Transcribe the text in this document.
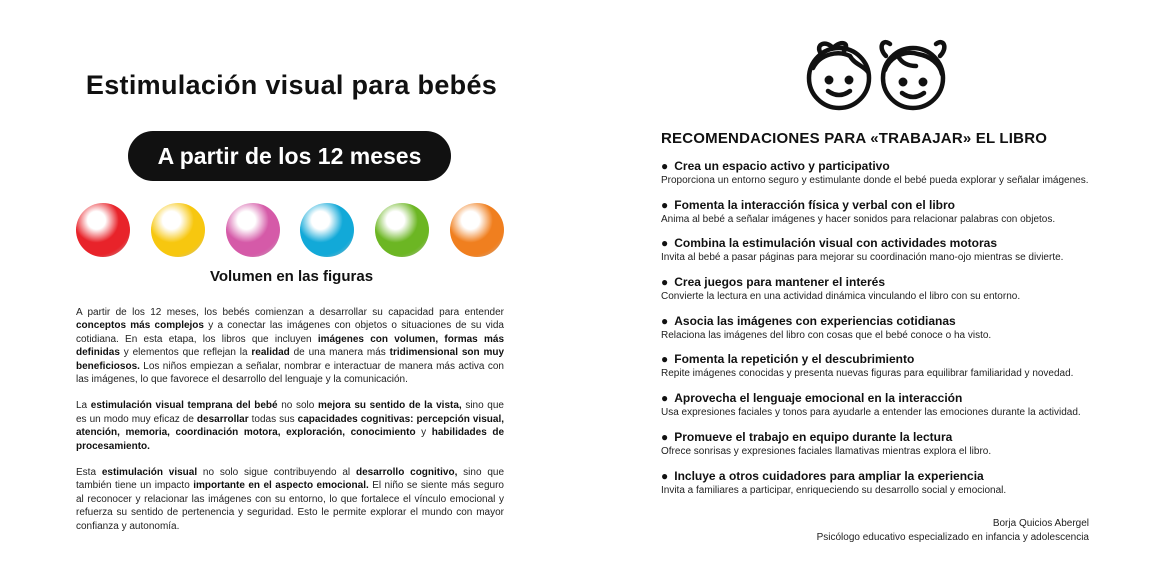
Estimulación visual para bebés
A partir de los 12 meses
Volumen en las figuras

A partir de los 12 meses, los bebés comienzan a desarrollar su capacidad para entender conceptos más complejos y a conectar las imágenes con objetos o situaciones de su vida cotidiana. En esta etapa, los libros que incluyen imágenes con volumen, formas más definidas y elementos que reflejan la realidad de una manera más tridimensional son muy beneficiosos. Los niños empiezan a señalar, nombrar e interactuar de manera más activa con las imágenes, lo que favorece el desarrollo del lenguaje y la comunicación.

La estimulación visual temprana del bebé no solo mejora su sentido de la vista, sino que es un modo muy eficaz de desarrollar todas sus capacidades cognitivas: percepción visual, atención, memoria, coordinación motora, exploración, conocimiento y habilidades de procesamiento.

Esta estimulación visual no solo sigue contribuyendo al desarrollo cognitivo, sino que también tiene un impacto importante en el aspecto emocional. El niño se siente más seguro al reconocer y relacionar las imágenes con su entorno, lo que fortalece el vínculo emocional y refuerza su sentido de pertenencia y seguridad. Esto le permite explorar el mundo con mayor confianza y autonomía.

RECOMENDACIONES PARA «TRABAJAR» EL LIBRO
● Crea un espacio activo y participativo
Proporciona un entorno seguro y estimulante donde el bebé pueda explorar y señalar imágenes.
● Fomenta la interacción física y verbal con el libro
Anima al bebé a señalar imágenes y hacer sonidos para relacionar palabras con objetos.
● Combina la estimulación visual con actividades motoras
Invita al bebé a pasar páginas para mejorar su coordinación mano-ojo mientras se divierte.
● Crea juegos para mantener el interés
Convierte la lectura en una actividad dinámica vinculando el libro con su entorno.
● Asocia las imágenes con experiencias cotidianas
Relaciona las imágenes del libro con cosas que el bebé conoce o ha visto.
● Fomenta la repetición y el descubrimiento
Repite imágenes conocidas y presenta nuevas figuras para equilibrar familiaridad y novedad.
● Aprovecha el lenguaje emocional en la interacción
Usa expresiones faciales y tonos para ayudarle a entender las emociones durante la actividad.
● Promueve el trabajo en equipo durante la lectura
Ofrece sonrisas y expresiones faciales llamativas mientras explora el libro.
● Incluye a otros cuidadores para ampliar la experiencia
Invita a familiares a participar, enriqueciendo su desarrollo social y emocional.
Borja Quicios Abergel
Psicólogo educativo especializado en infancia y adolescencia
